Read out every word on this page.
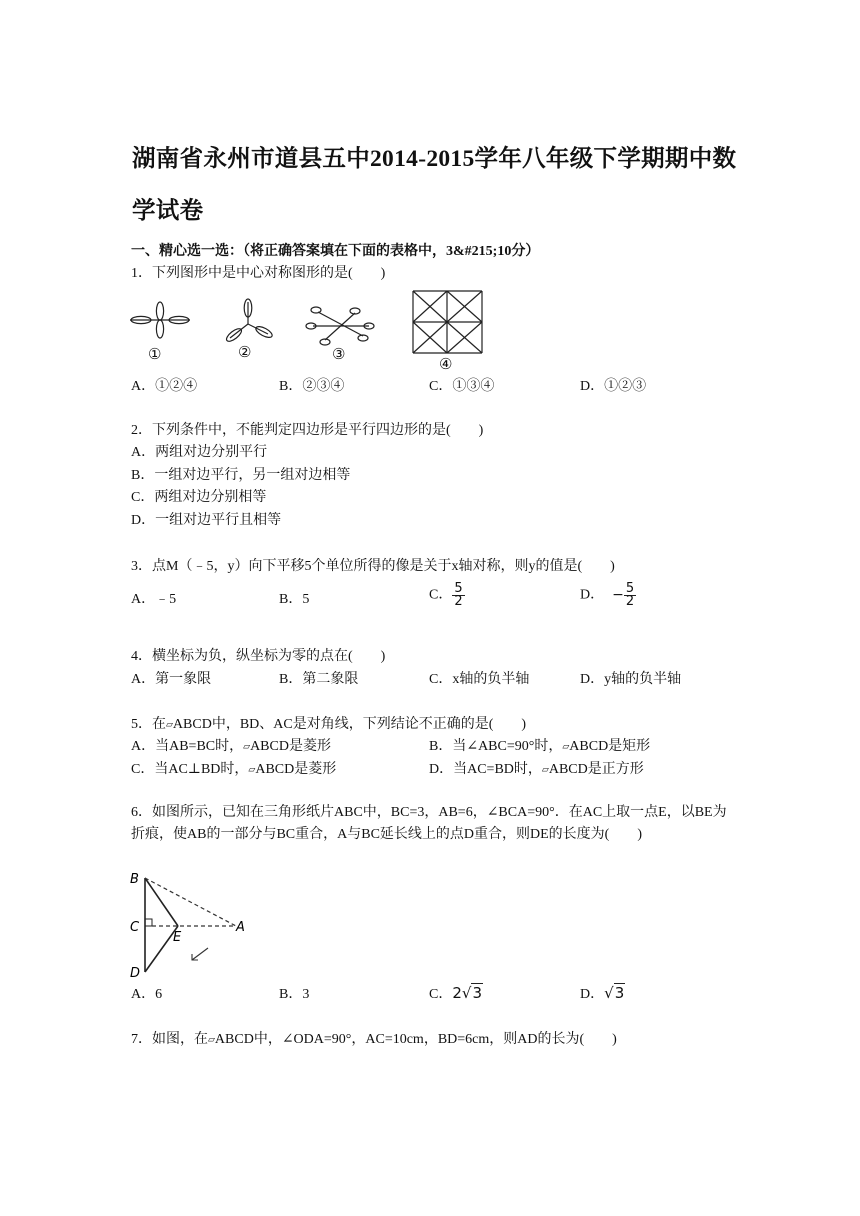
湖南省永州市道县五中2014-2015学年八年级下学期期中数学试卷
一、精心选一选：（将正确答案填在下面的表格中，3&#215;10分）
1．下列图形中是中心对称图形的是(　　)
①	②	③
④
A．①②④	B．②③④	C．①③④	D．①②③
2．下列条件中，不能判定四边形是平行四边形的是(　　)
A．两组对边分别平行
B．一组对边平行，另一组对边相等
C．两组对边分别相等
D．一组对边平行且相等
3．点M（﹣5，y）向下平移5个单位所得的像是关于x轴对称，则y的值是(　　)
A．﹣5	B．5	C． $\frac{5}{2}$	D． − $\frac{5}{2}$
4．横坐标为负，纵坐标为零的点在(　　)
A．第一象限	B．第二象限	C．x轴的负半轴	D．y轴的负半轴
5．在▱ABCD中，BD、AC是对角线，下列结论不正确的是(　　)
A．当AB=BC时，▱ABCD是菱形	B．当∠ABC=90°时，▱ABCD是矩形
C．当AC⊥BD时，▱ABCD是菱形	D．当AC=BD时，▱ABCD是正方形
6．如图所示，已知在三角形纸片ABC中，BC=3，AB=6，∠BCA=90°．在AC上取一点E，以BE为折痕，使AB的一部分与BC重合，A与BC延长线上的点D重合，则DE的长度为(　　)
B
C
E
A
D
A．6	B．3	C．2√3	D．√3
7．如图，在▱ABCD中，∠ODA=90°，AC=10cm，BD=6cm，则AD的长为(　　)
